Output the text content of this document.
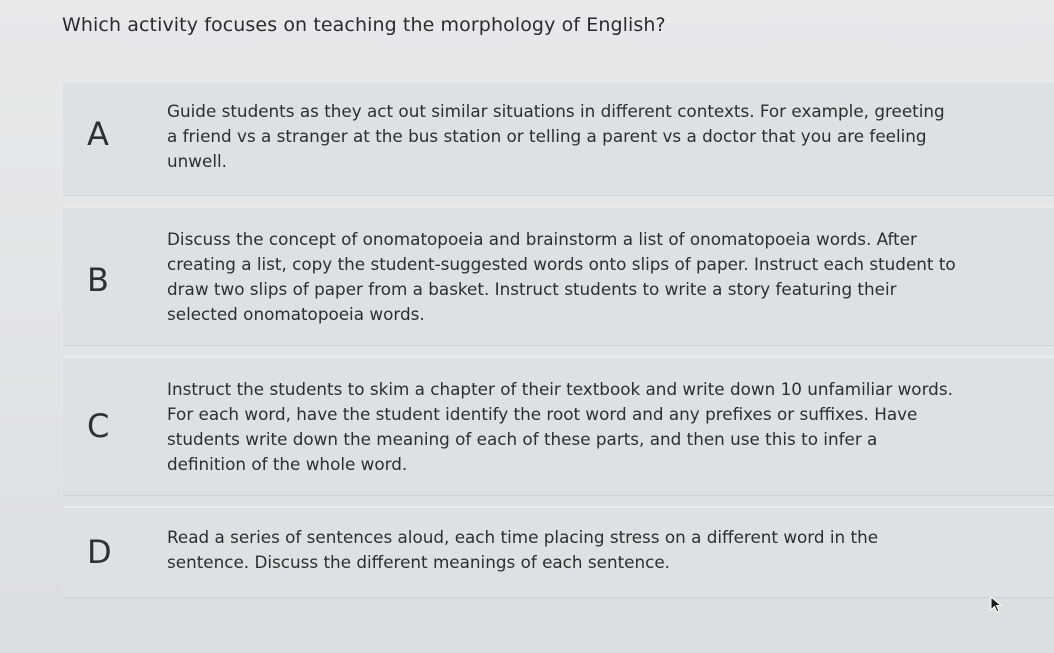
Which activity focuses on teaching the morphology of English?
A
Guide students as they act out similar situations in different contexts. For example, greeting a friend vs a stranger at the bus station or telling a parent vs a doctor that you are feeling unwell.
B
Discuss the concept of onomatopoeia and brainstorm a list of onomatopoeia words. After creating a list, copy the student-suggested words onto slips of paper. Instruct each student to draw two slips of paper from a basket. Instruct students to write a story featuring their selected onomatopoeia words.
C
Instruct the students to skim a chapter of their textbook and write down 10 unfamiliar words. For each word, have the student identify the root word and any prefixes or suffixes. Have students write down the meaning of each of these parts, and then use this to infer a definition of the whole word.
D	Read a series of sentences aloud, each time placing stress on a different word in the sentence. Discuss the different meanings of each sentence.
